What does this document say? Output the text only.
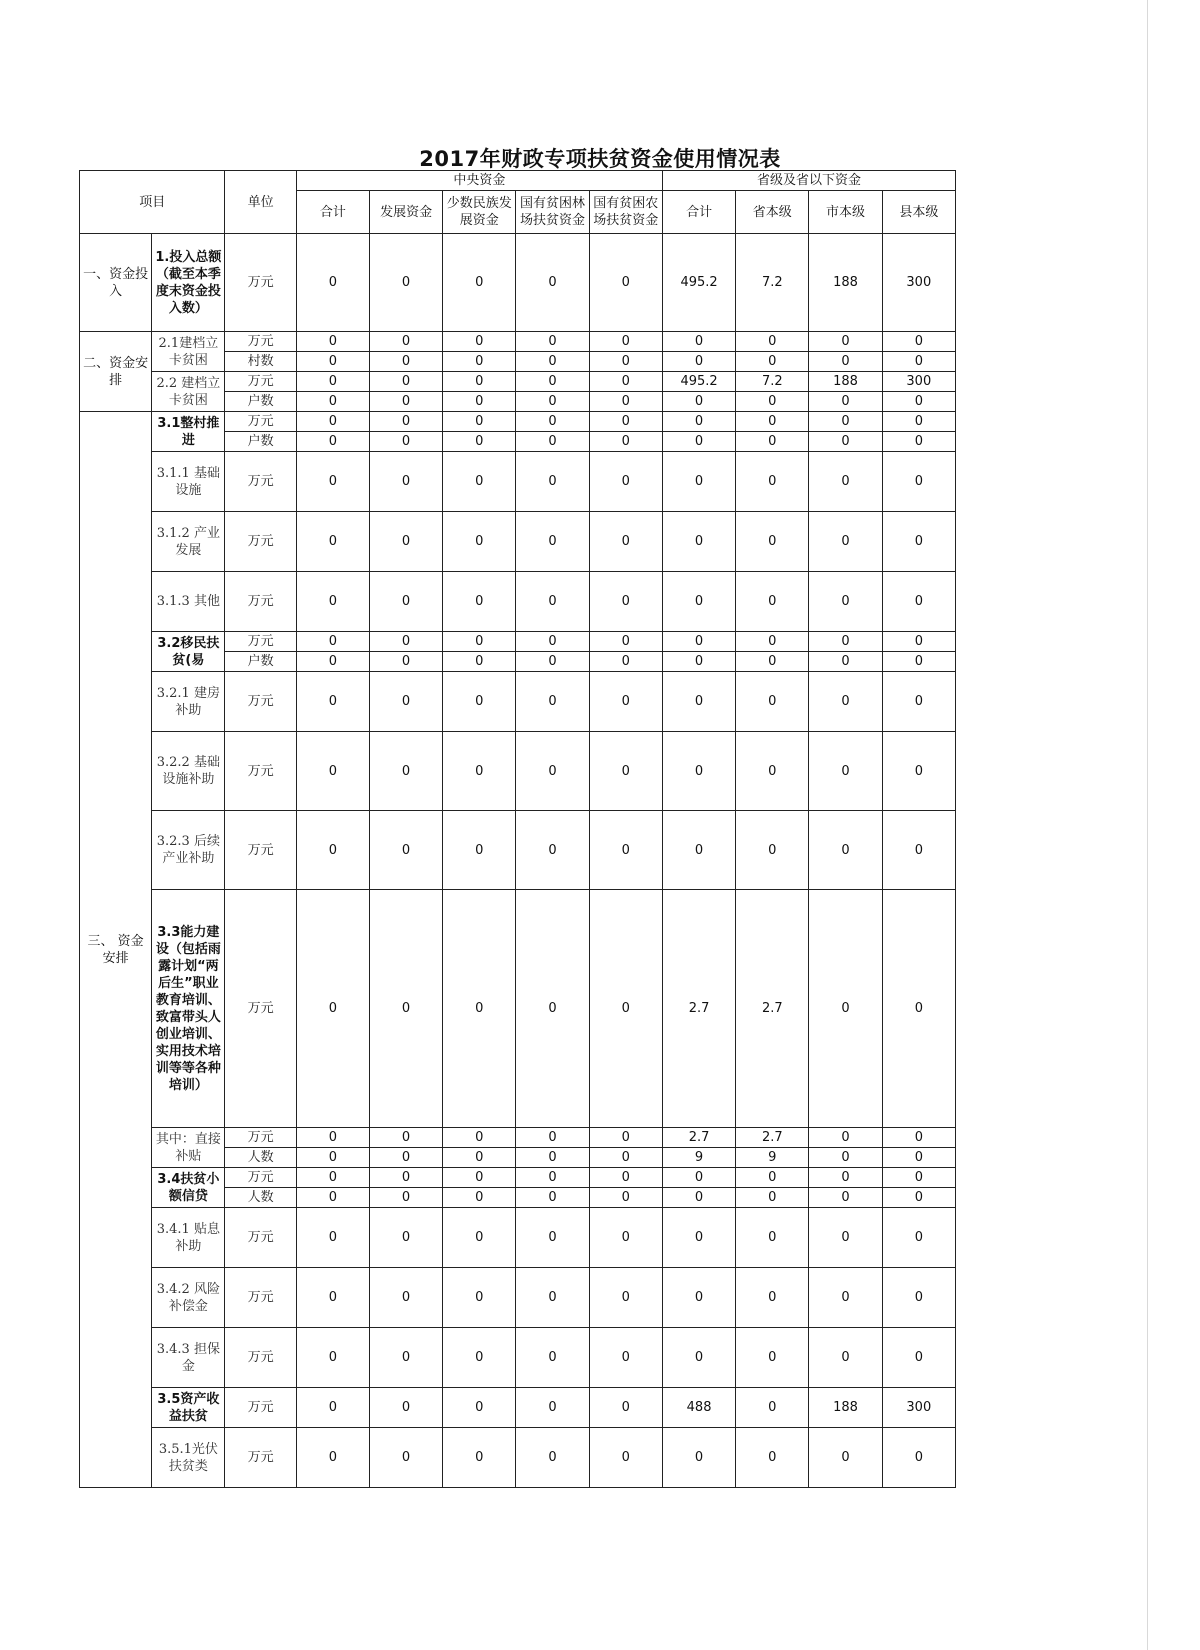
2017年财政专项扶贫资金使用情况表
项目		单位	中央资金					省级及省以下资金			
			合计	发展资金	少数民族发展资金	国有贫困林场扶贫资金	国有贫困农场扶贫资金	合计	省本级	市本级	县本级
一、资金投入	1.投入总额（截至本季度末资金投入数）	万元	0	0	0	0	0	495.2	7.2	188	300
二、资金安排	2.1建档立卡贫困	万元	0	0	0	0	0	0	0	0	0
		村数	0	0	0	0	0	0	0	0	0
	2.2 建档立卡贫困	万元	0	0	0	0	0	495.2	7.2	188	300
		户数	0	0	0	0	0	0	0	0	0
三、 资金安排	3.1整村推进	万元	0	0	0	0	0	0	0	0	0
		户数	0	0	0	0	0	0	0	0	0
	3.1.1 基础设施	万元	0	0	0	0	0	0	0	0	0
	3.1.2 产业发展	万元	0	0	0	0	0	0	0	0	0
	3.1.3 其他	万元	0	0	0	0	0	0	0	0	0
	3.2移民扶贫(易	万元	0	0	0	0	0	0	0	0	0
		户数	0	0	0	0	0	0	0	0	0
	3.2.1 建房补助	万元	0	0	0	0	0	0	0	0	0
	3.2.2 基础设施补助	万元	0	0	0	0	0	0	0	0	0
	3.2.3 后续产业补助	万元	0	0	0	0	0	0	0	0	0
	3.3能力建设（包括雨露计划“两后生”职业教育培训、致富带头人创业培训、实用技术培训等等各种培训）	万元	0	0	0	0	0	2.7	2.7	0	0
	其中：直接补贴	万元	0	0	0	0	0	2.7	2.7	0	0
		人数	0	0	0	0	0	9	9	0	0
	3.4扶贫小额信贷	万元	0	0	0	0	0	0	0	0	0
		人数	0	0	0	0	0	0	0	0	0
	3.4.1 贴息补助	万元	0	0	0	0	0	0	0	0	0
	3.4.2 风险补偿金	万元	0	0	0	0	0	0	0	0	0
	3.4.3 担保金	万元	0	0	0	0	0	0	0	0	0
	3.5资产收益扶贫	万元	0	0	0	0	0	488	0	188	300
	3.5.1光伏扶贫类	万元	0	0	0	0	0	0	0	0	0
